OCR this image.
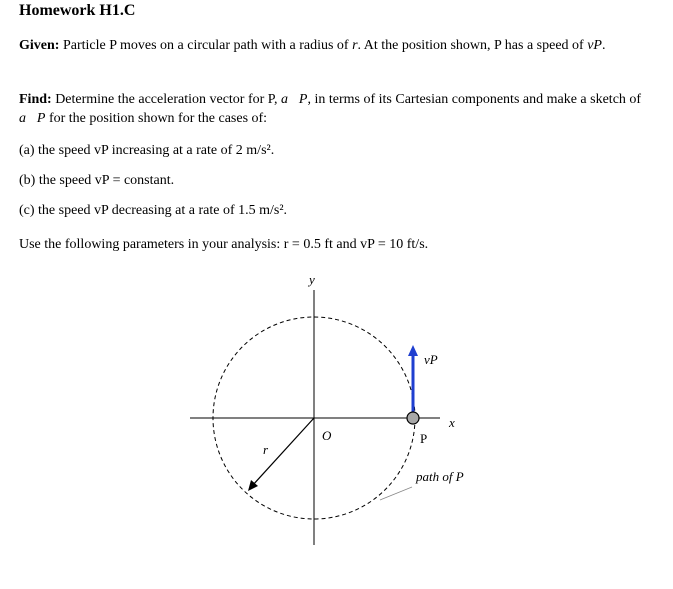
Homework H1.C
Given: Particle P moves on a circular path with a radius of r. At the position shown, P has a speed of vP.
Find: Determine the acceleration vector for P, a⃗P, in terms of its Cartesian components and make a sketch of a⃗P for the position shown for the cases of:
(a) the speed vP increasing at a rate of 2 m/s².
(b) the speed vP = constant.
(c) the speed vP decreasing at a rate of 1.5 m/s².
Use the following parameters in your analysis: r = 0.5 ft and vP = 10 ft/s.
y
x
O
r
vP
P
path of P
